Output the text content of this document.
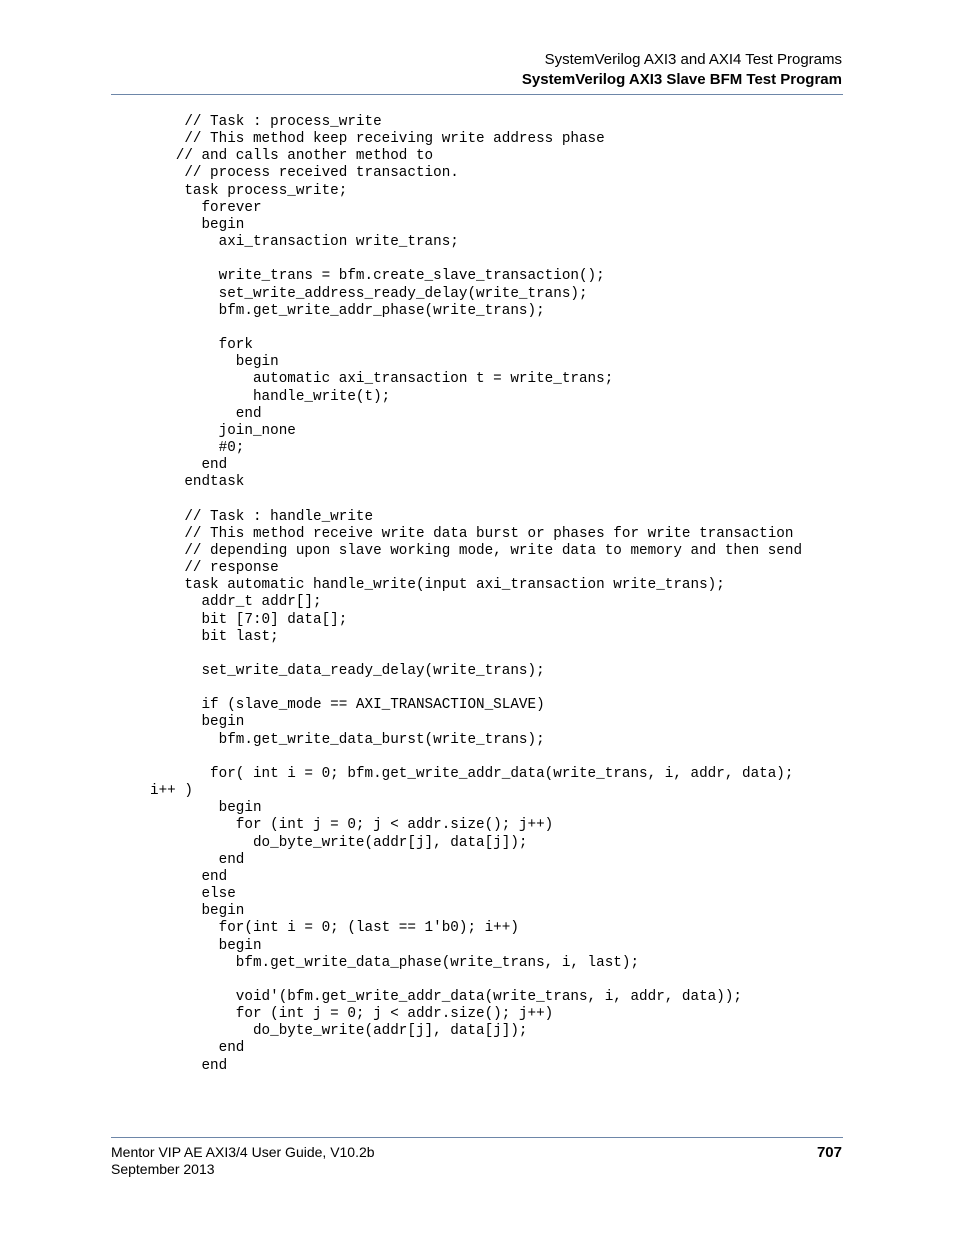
SystemVerilog AXI3 and AXI4 Test Programs
SystemVerilog AXI3 Slave BFM Test Program
// Task : process_write
// This method keep receiving write address phase
// and calls another method to
// process received transaction.
task process_write;
forever
begin
axi_transaction write_trans;

write_trans = bfm.create_slave_transaction();
set_write_address_ready_delay(write_trans);
bfm.get_write_addr_phase(write_trans);

fork
begin
automatic axi_transaction t = write_trans;
handle_write(t);
end
join_none
#0;
end
endtask

// Task : handle_write
// This method receive write data burst or phases for write transaction
// depending upon slave working mode, write data to memory and then send
// response
task automatic handle_write(input axi_transaction write_trans);
addr_t addr[];
bit [7:0] data[];
bit last;

set_write_data_ready_delay(write_trans);

if (slave_mode == AXI_TRANSACTION_SLAVE)
begin
bfm.get_write_data_burst(write_trans);

for( int i = 0; bfm.get_write_addr_data(write_trans, i, addr, data);
i++ )
begin
for (int j = 0; j < addr.size(); j++)
do_byte_write(addr[j], data[j]);
end
end
else
begin
for(int i = 0; (last == 1'b0); i++)
begin
bfm.get_write_data_phase(write_trans, i, last);

void'(bfm.get_write_addr_data(write_trans, i, addr, data));
for (int j = 0; j < addr.size(); j++)
do_byte_write(addr[j], data[j]);
end
end
Mentor VIP AE AXI3/4 User Guide, V10.2b
September 2013
707
